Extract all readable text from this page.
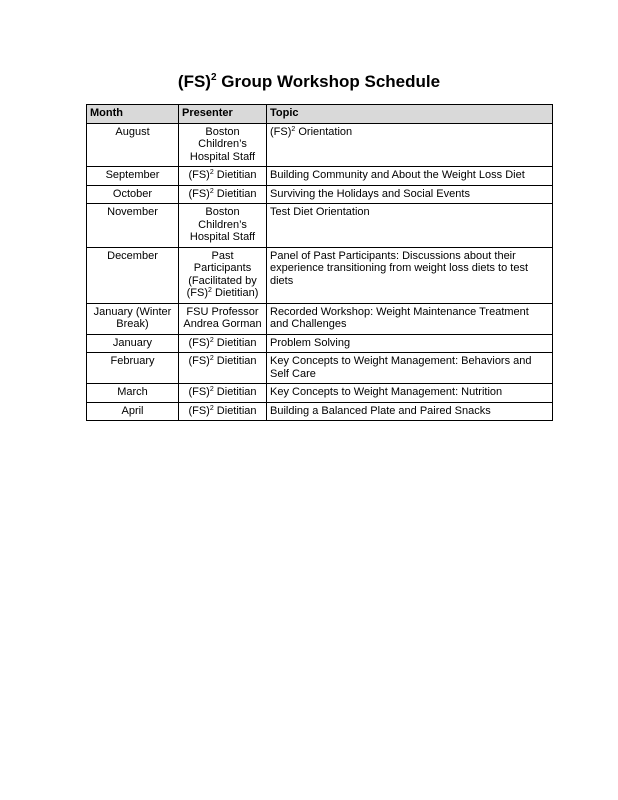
(FS)$^2$ Group Workshop Schedule
Month	Presenter	Topic
August	Boston Children’s Hospital Staff	(FS)$^2$ Orientation
September	(FS)$^2$ Dietitian	Building Community and About the Weight Loss Diet
October	(FS)$^2$ Dietitian	Surviving the Holidays and Social Events
November	Boston Children’s Hospital Staff	Test Diet Orientation
December	Past Participants (Facilitated by (FS)$^2$ Dietitian)	Panel of Past Participants: Discussions about their experience transitioning from weight loss diets to test diets
January (Winter Break)	FSU Professor Andrea Gorman	Recorded Workshop: Weight Maintenance Treatment and Challenges
January	(FS)$^2$ Dietitian	Problem Solving
February	(FS)$^2$ Dietitian	Key Concepts to Weight Management: Behaviors and Self Care
March	(FS)$^2$ Dietitian	Key Concepts to Weight Management: Nutrition
April	(FS)$^2$ Dietitian	Building a Balanced Plate and Paired Snacks
